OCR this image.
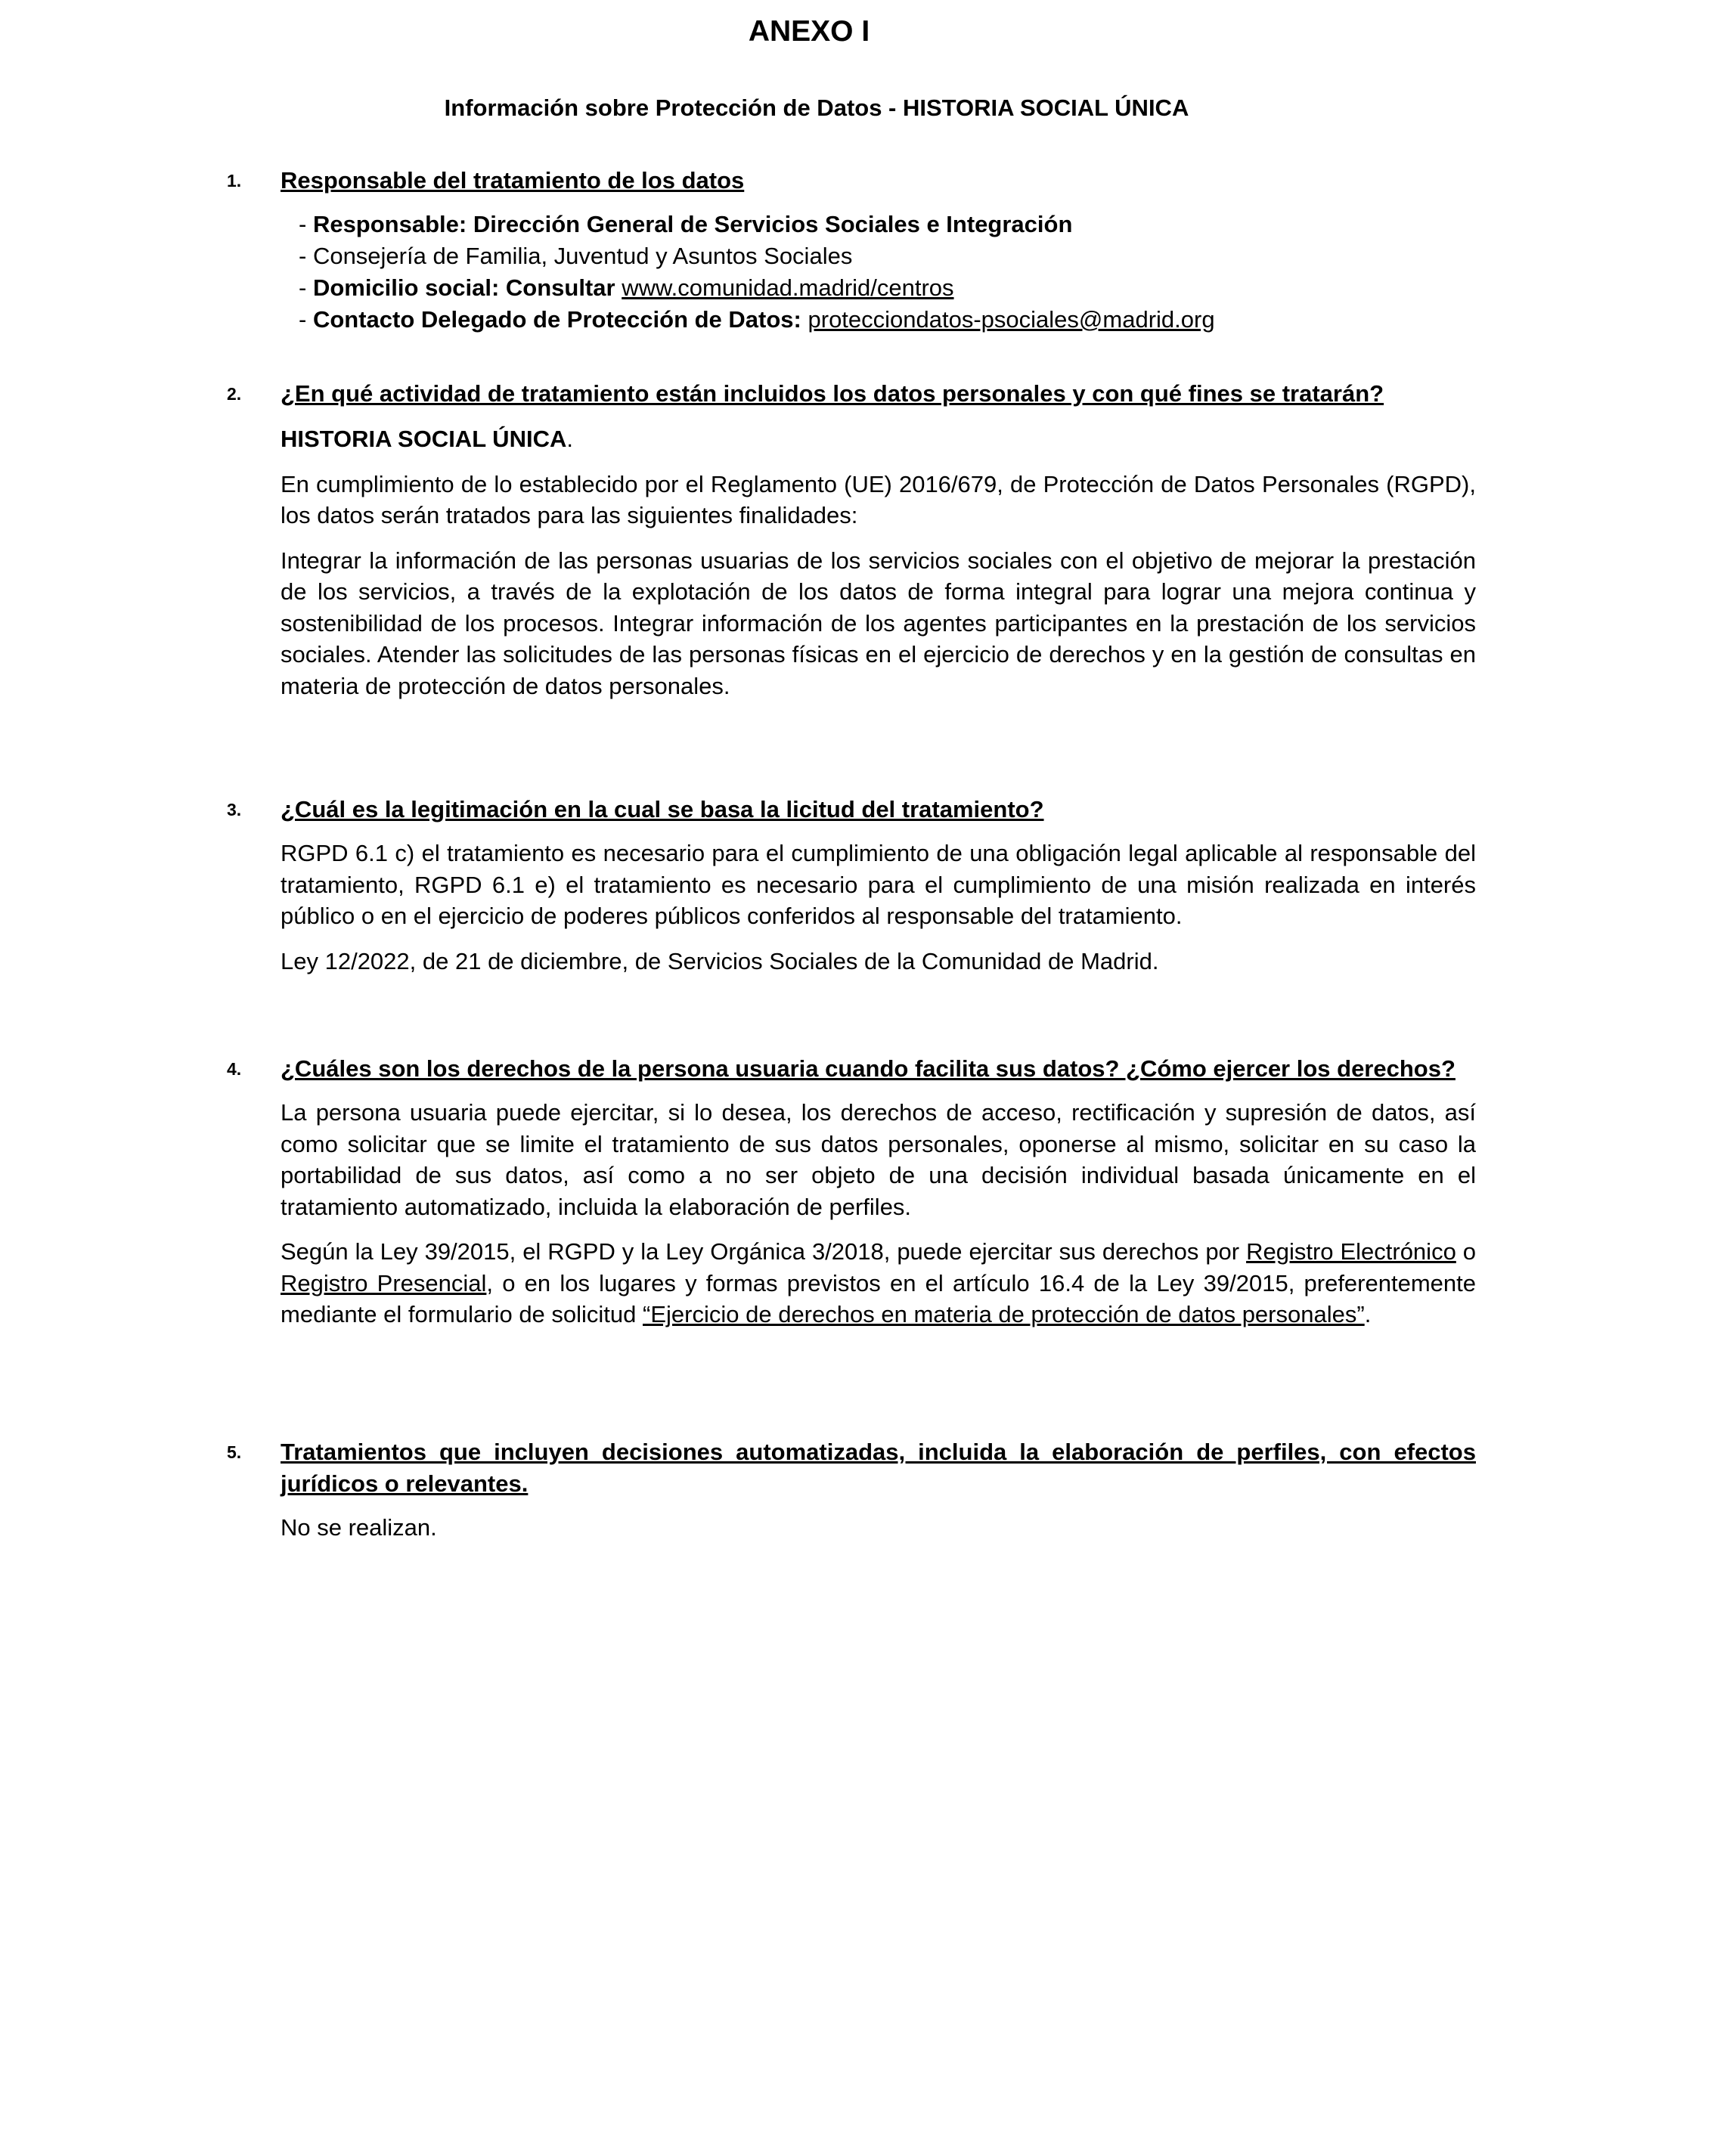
ANEXO I
Información sobre Protección de Datos - HISTORIA SOCIAL ÚNICA
1. Responsable del tratamiento de los datos
- Responsable: Dirección General de Servicios Sociales e Integración
- Consejería de Familia, Juventud y Asuntos Sociales
- Domicilio social: Consultar www.comunidad.madrid/centros
- Contacto Delegado de Protección de Datos: protecciondatos-psociales@madrid.org
2. ¿En qué actividad de tratamiento están incluidos los datos personales y con qué fines se tratarán?

HISTORIA SOCIAL ÚNICA.

En cumplimiento de lo establecido por el Reglamento (UE) 2016/679, de Protección de Datos Personales (RGPD), los datos serán tratados para las siguientes finalidades:

Integrar la información de las personas usuarias de los servicios sociales con el objetivo de mejorar la prestación de los servicios, a través de la explotación de los datos de forma integral para lograr una mejora continua y sostenibilidad de los procesos. Integrar información de los agentes participantes en la prestación de los servicios sociales. Atender las solicitudes de las personas físicas en el ejercicio de derechos y en la gestión de consultas en materia de protección de datos personales.

3. ¿Cuál es la legitimación en la cual se basa la licitud del tratamiento?

RGPD 6.1 c) el tratamiento es necesario para el cumplimiento de una obligación legal aplicable al responsable del tratamiento, RGPD 6.1 e) el tratamiento es necesario para el cumplimiento de una misión realizada en interés público o en el ejercicio de poderes públicos conferidos al responsable del tratamiento.

Ley 12/2022, de 21 de diciembre, de Servicios Sociales de la Comunidad de Madrid.

4. ¿Cuáles son los derechos de la persona usuaria cuando facilita sus datos? ¿Cómo ejercer los derechos?

La persona usuaria puede ejercitar, si lo desea, los derechos de acceso, rectificación y supresión de datos, así como solicitar que se limite el tratamiento de sus datos personales, oponerse al mismo, solicitar en su caso la portabilidad de sus datos, así como a no ser objeto de una decisión individual basada únicamente en el tratamiento automatizado, incluida la elaboración de perfiles.

Según la Ley 39/2015, el RGPD y la Ley Orgánica 3/2018, puede ejercitar sus derechos por Registro Electrónico o Registro Presencial, o en los lugares y formas previstos en el artículo 16.4 de la Ley 39/2015, preferentemente mediante el formulario de solicitud “Ejercicio de derechos en materia de protección de datos personales”.

5. Tratamientos que incluyen decisiones automatizadas, incluida la elaboración de perfiles, con efectos jurídicos o relevantes.

No se realizan.
